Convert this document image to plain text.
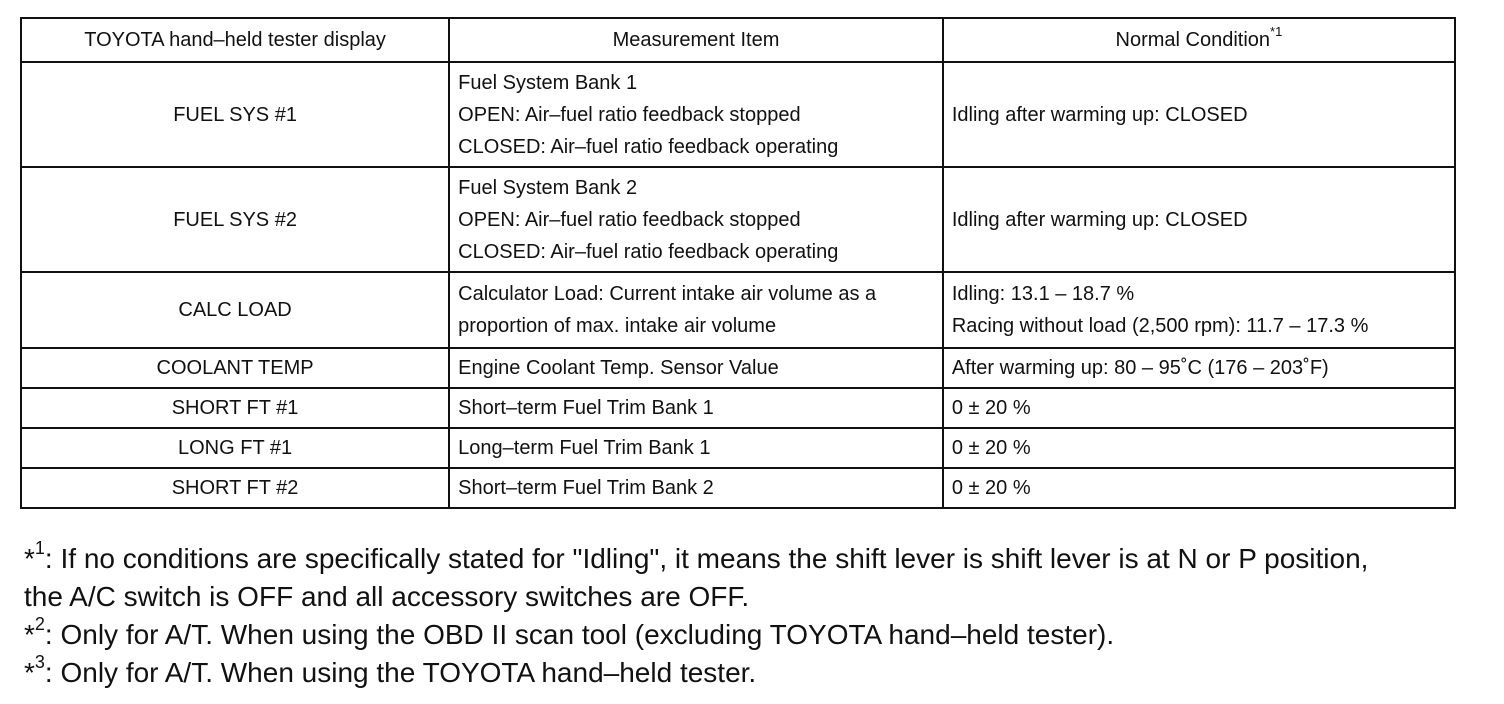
TOYOTA hand–held tester display	Measurement Item	Normal Condition$^{*1}$
FUEL SYS #1	Fuel System Bank 1
OPEN: Air–fuel ratio feedback stopped
CLOSED: Air–fuel ratio feedback operating	Idling after warming up: CLOSED

FUEL SYS #2	Fuel System Bank 2
OPEN: Air–fuel ratio feedback stopped
CLOSED: Air–fuel ratio feedback operating	Idling after warming up: CLOSED

CALC LOAD	Calculator Load: Current intake air volume as a
proportion of max. intake air volume	Idling: 13.1 – 18.7 %
Racing without load (2,500 rpm): 11.7 – 17.3 %

COOLANT TEMP	Engine Coolant Temp. Sensor Value	After warming up: 80 – 95˚C (176 – 203˚F)

SHORT FT #1	Short–term Fuel Trim Bank 1	0 ± 20 %

LONG FT #1	Long–term Fuel Trim Bank 1	0 ± 20 %

SHORT FT #2	Short–term Fuel Trim Bank 2	0 ± 20 %
*$^1$: If no conditions are specifically stated for "Idling", it means the shift lever is shift lever is at N or P position,
the A/C switch is OFF and all accessory switches are OFF.
*$^2$: Only for A/T. When using the OBD II scan tool (excluding TOYOTA hand–held tester).
*$^3$: Only for A/T. When using the TOYOTA hand–held tester.
